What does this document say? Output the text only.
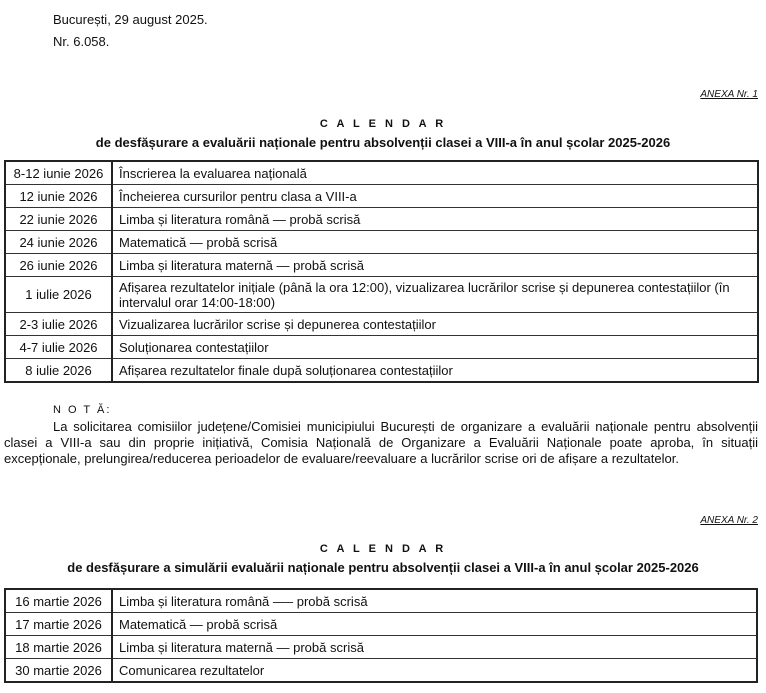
București, 29 august 2025.
Nr. 6.058.
ANEXA Nr. 1
C A L E N D A R
de desfășurare a evaluării naționale pentru absolvenții clasei a VIII-a în anul școlar 2025-2026
8-12 iunie 2026	Înscrierea la evaluarea națională
12 iunie 2026	Încheierea cursurilor pentru clasa a VIII-a
22 iunie 2026	Limba și literatura română — probă scrisă
24 iunie 2026	Matematică — probă scrisă
26 iunie 2026	Limba și literatura maternă — probă scrisă
1 iulie 2026	Afișarea rezultatelor inițiale (până la ora 12:00), vizualizarea lucrărilor scrise și depunerea contestațiilor (în intervalul orar 14:00-18:00)
2-3 iulie 2026	Vizualizarea lucrărilor scrise și depunerea contestațiilor
4-7 iulie 2026	Soluționarea contestațiilor
8 iulie 2026	Afișarea rezultatelor finale după soluționarea contestațiilor
N O T Ă:
La solicitarea comisiilor județene/Comisiei municipiului București de organizare a evaluării naționale pentru absolvenții clasei a VIII-a sau din proprie inițiativă, Comisia Națională de Organizare a Evaluării Naționale poate aproba, în situații excepționale, prelungirea/reducerea perioadelor de evaluare/reevaluare a lucrărilor scrise ori de afișare a rezultatelor.
ANEXA Nr. 2
C A L E N D A R
de desfășurare a simulării evaluării naționale pentru absolvenții clasei a VIII-a în anul școlar 2025-2026
16 martie 2026	Limba și literatura română —– probă scrisă
17 martie 2026	Matematică — probă scrisă
18 martie 2026	Limba și literatura maternă — probă scrisă
30 martie 2026	Comunicarea rezultatelor
